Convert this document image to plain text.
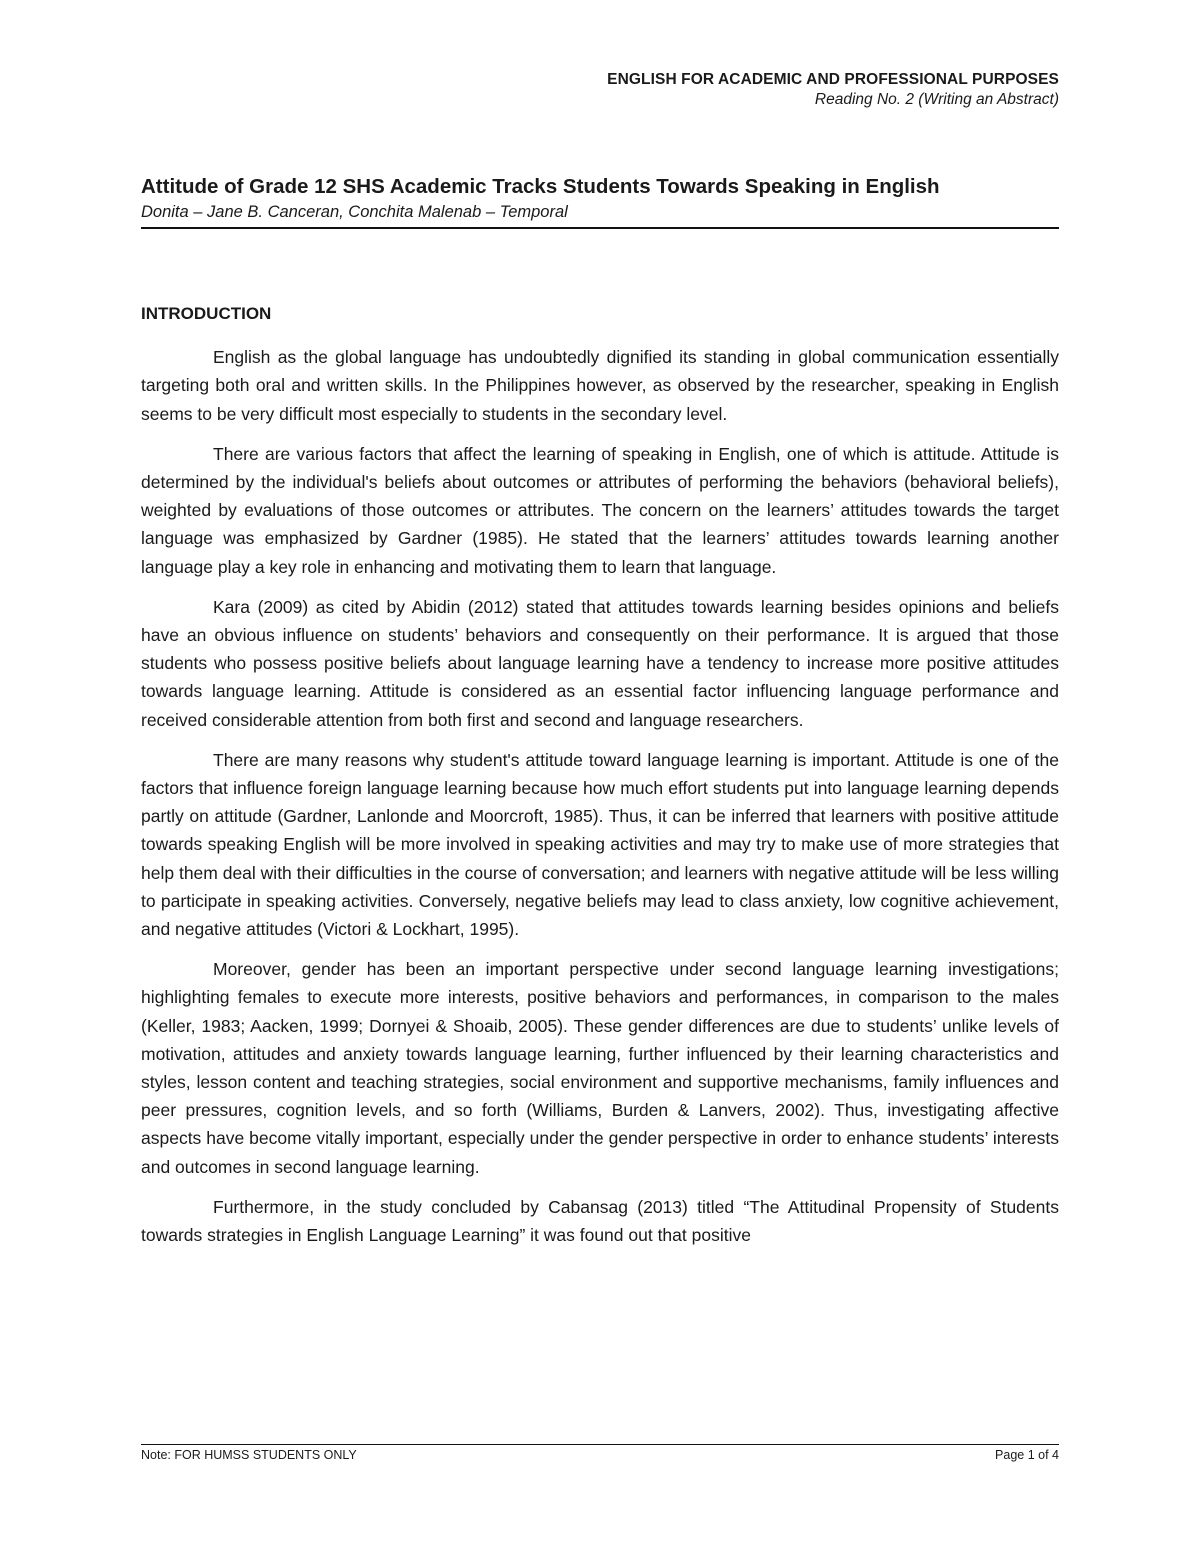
ENGLISH FOR ACADEMIC AND PROFESSIONAL PURPOSES
Reading No. 2 (Writing an Abstract)
Attitude of Grade 12 SHS Academic Tracks Students Towards Speaking in English
Donita – Jane B. Canceran, Conchita Malenab – Temporal
INTRODUCTION

English as the global language has undoubtedly dignified its standing in global communication essentially targeting both oral and written skills. In the Philippines however, as observed by the researcher, speaking in English seems to be very difficult most especially to students in the secondary level.

There are various factors that affect the learning of speaking in English, one of which is attitude. Attitude is determined by the individual's beliefs about outcomes or attributes of performing the behaviors (behavioral beliefs), weighted by evaluations of those outcomes or attributes. The concern on the learners’ attitudes towards the target language was emphasized by Gardner (1985). He stated that the learners’ attitudes towards learning another language play a key role in enhancing and motivating them to learn that language.

Kara (2009) as cited by Abidin (2012) stated that attitudes towards learning besides opinions and beliefs have an obvious influence on students’ behaviors and consequently on their performance. It is argued that those students who possess positive beliefs about language learning have a tendency to increase more positive attitudes towards language learning. Attitude is considered as an essential factor influencing language performance and received considerable attention from both first and second and language researchers.

There are many reasons why student's attitude toward language learning is important. Attitude is one of the factors that influence foreign language learning because how much effort students put into language learning depends partly on attitude (Gardner, Lanlonde and Moorcroft, 1985). Thus, it can be inferred that learners with positive attitude towards speaking English will be more involved in speaking activities and may try to make use of more strategies that help them deal with their difficulties in the course of conversation; and learners with negative attitude will be less willing to participate in speaking activities. Conversely, negative beliefs may lead to class anxiety, low cognitive achievement, and negative attitudes (Victori & Lockhart, 1995).

Moreover, gender has been an important perspective under second language learning investigations; highlighting females to execute more interests, positive behaviors and performances, in comparison to the males (Keller, 1983; Aacken, 1999; Dornyei & Shoaib, 2005). These gender differences are due to students’ unlike levels of motivation, attitudes and anxiety towards language learning, further influenced by their learning characteristics and styles, lesson content and teaching strategies, social environment and supportive mechanisms, family influences and peer pressures, cognition levels, and so forth (Williams, Burden & Lanvers, 2002). Thus, investigating affective aspects have become vitally important, especially under the gender perspective in order to enhance students’ interests and outcomes in second language learning.

Furthermore, in the study concluded by Cabansag (2013) titled “The Attitudinal Propensity of Students towards strategies in English Language Learning” it was found out that positive

Note: FOR HUMSS STUDENTS ONLY	Page 1 of 4
